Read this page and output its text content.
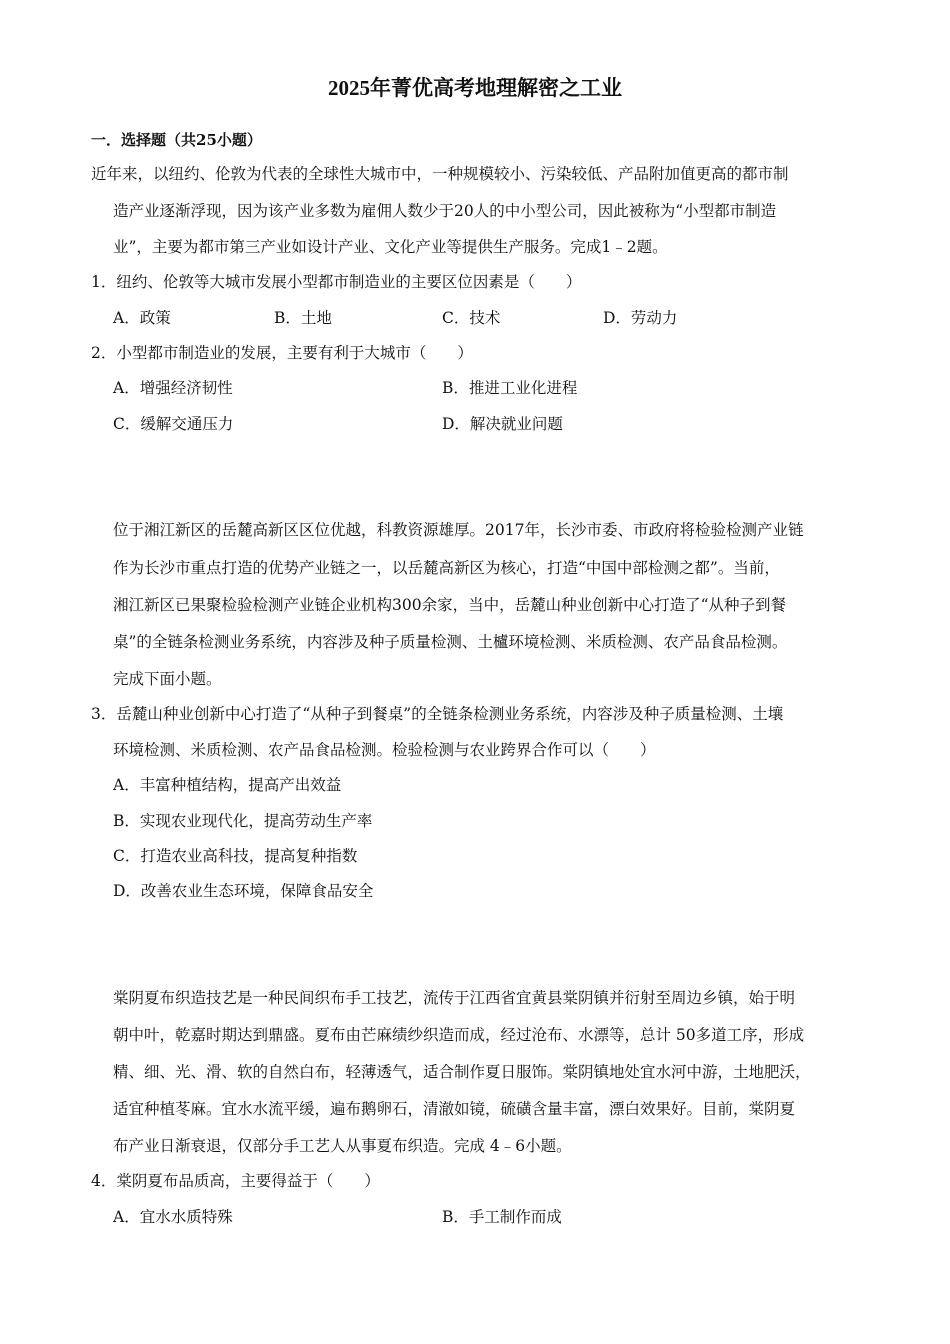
2025年菁优高考地理解密之工业
一．选择题（共25小题）
近年来，以纽约、伦敦为代表的全球性大城市中，一种规模较小、污染较低、产品附加值更高的都市制
造产业逐渐浮现，因为该产业多数为雇佣人数少于20人的中小型公司，因此被称为“小型都市制造
业”，主要为都市第三产业如设计产业、文化产业等提供生产服务。完成1﹣2题。
1．纽约、伦敦等大城市发展小型都市制造业的主要区位因素是（　　）
A．政策	B．土地	C．技术	D．劳动力
2．小型都市制造业的发展，主要有利于大城市（　　）
A．增强经济韧性	B．推进工业化进程
C．缓解交通压力	D．解决就业问题
位于湘江新区的岳麓高新区区位优越，科教资源雄厚。2017年，长沙市委、市政府将检验检测产业链
作为长沙市重点打造的优势产业链之一，以岳麓高新区为核心，打造“中国中部检测之都”。当前，
湘江新区已果聚检验检测产业链企业机构300余家，当中，岳麓山种业创新中心打造了“从种子到餐
桌”的全链条检测业务系统，内容涉及种子质量检测、土櫨环境检测、米质检测、农产品食品检测。
完成下面小题。
3．岳麓山种业创新中心打造了“从种子到餐桌”的全链条检测业务系统，内容涉及种子质量检测、土壤
环境检测、米质检测、农产品食品检测。检验检测与农业跨界合作可以（　　）
A．丰富种植结构，提高产出效益
B．实现农业现代化，提高劳动生产率
C．打造农业高科技，提高复种指数
D．改善农业生态环境，保障食品安全
棠阴夏布织造技艺是一种民间织布手工技艺，流传于江西省宜黄县棠阴镇并衍射至周边乡镇，始于明
朝中叶，乾嘉时期达到鼎盛。夏布由芒麻绩纱织造而成，经过沧布、水漂等，总计 50多道工序，形成
精、细、光、滑、软的自然白布，轻薄透气，适合制作夏日服饰。棠阴镇地处宜水河中游，土地肥沃，
适宜种植苳麻。宜水水流平缓，遍布鹅卵石，清澈如镜，硫磺含量丰富，漂白效果好。目前，棠阴夏
布产业日渐衰退，仅部分手工艺人从事夏布织造。完成 4﹣6小题。
4．棠阴夏布品质高，主要得益于（　　）
A．宜水水质特殊	B．手工制作而成
